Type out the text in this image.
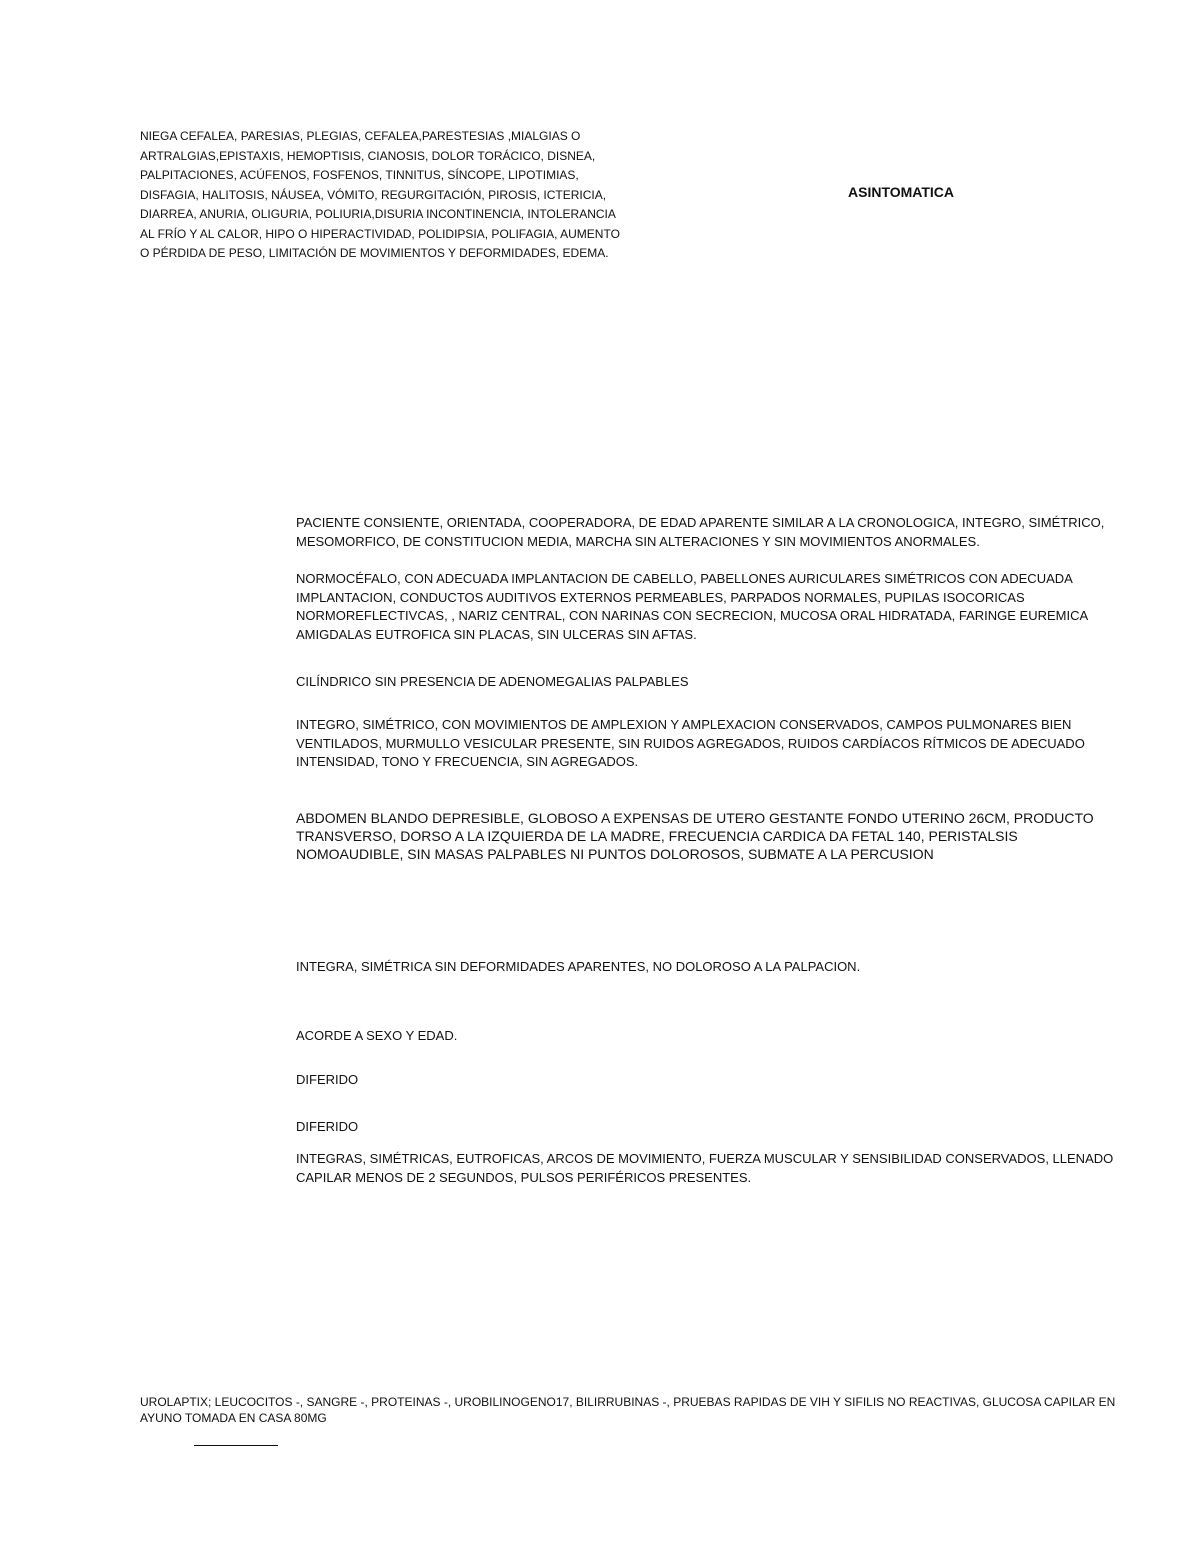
NIEGA CEFALEA, PARESIAS, PLEGIAS, CEFALEA,PARESTESIAS ,MIALGIAS O ARTRALGIAS,EPISTAXIS, HEMOPTISIS, CIANOSIS, DOLOR TORÁCICO, DISNEA, PALPITACIONES, ACÚFENOS, FOSFENOS, TINNITUS, SÍNCOPE, LIPOTIMIAS, DISFAGIA, HALITOSIS, NÁUSEA, VÓMITO, REGURGITACIÓN, PIROSIS, ICTERICIA, DIARREA, ANURIA, OLIGURIA, POLIURIA,DISURIA INCONTINENCIA, INTOLERANCIA AL FRÍO Y AL CALOR, HIPO O HIPERACTIVIDAD, POLIDIPSIA, POLIFAGIA, AUMENTO O PÉRDIDA DE PESO, LIMITACIÓN DE MOVIMIENTOS Y DEFORMIDADES, EDEMA.

ASINTOMATICA

PACIENTE CONSIENTE, ORIENTADA, COOPERADORA, DE EDAD APARENTE SIMILAR A LA CRONOLOGICA, INTEGRO, SIMÉTRICO, MESOMORFICO, DE CONSTITUCION MEDIA, MARCHA SIN ALTERACIONES Y SIN MOVIMIENTOS ANORMALES.

NORMOCÉFALO, CON ADECUADA IMPLANTACION DE CABELLO, PABELLONES AURICULARES SIMÉTRICOS CON ADECUADA IMPLANTACION, CONDUCTOS AUDITIVOS EXTERNOS PERMEABLES, PARPADOS NORMALES, PUPILAS ISOCORICAS NORMOREFLECTIVCAS, , NARIZ CENTRAL, CON NARINAS CON SECRECION, MUCOSA ORAL HIDRATADA, FARINGE EUREMICA AMIGDALAS EUTROFICA SIN PLACAS, SIN ULCERAS SIN AFTAS.

CILÍNDRICO SIN PRESENCIA DE ADENOMEGALIAS PALPABLES

INTEGRO, SIMÉTRICO, CON MOVIMIENTOS DE AMPLEXION Y AMPLEXACION CONSERVADOS, CAMPOS PULMONARES BIEN VENTILADOS, MURMULLO VESICULAR PRESENTE, SIN RUIDOS AGREGADOS, RUIDOS CARDÍACOS RÍTMICOS DE ADECUADO INTENSIDAD, TONO Y FRECUENCIA, SIN AGREGADOS.

ABDOMEN BLANDO DEPRESIBLE, GLOBOSO A EXPENSAS DE UTERO GESTANTE FONDO UTERINO 26CM, PRODUCTO TRANSVERSO, DORSO A LA IZQUIERDA DE LA MADRE, FRECUENCIA CARDICA DA FETAL 140, PERISTALSIS NOMOAUDIBLE, SIN MASAS PALPABLES NI PUNTOS DOLOROSOS, SUBMATE A LA PERCUSION

INTEGRA, SIMÉTRICA SIN DEFORMIDADES APARENTES, NO DOLOROSO A LA PALPACION.

ACORDE A SEXO Y EDAD.

DIFERIDO

DIFERIDO

INTEGRAS, SIMÉTRICAS, EUTROFICAS, ARCOS DE MOVIMIENTO, FUERZA MUSCULAR Y SENSIBILIDAD CONSERVADOS, LLENADO CAPILAR MENOS DE 2 SEGUNDOS, PULSOS PERIFÉRICOS PRESENTES.

UROLAPTIX; LEUCOCITOS -, SANGRE -, PROTEINAS -, UROBILINOGENO17, BILIRRUBINAS -, PRUEBAS RAPIDAS DE VIH Y SIFILIS NO REACTIVAS, GLUCOSA CAPILAR EN AYUNO TOMADA EN CASA 80MG
